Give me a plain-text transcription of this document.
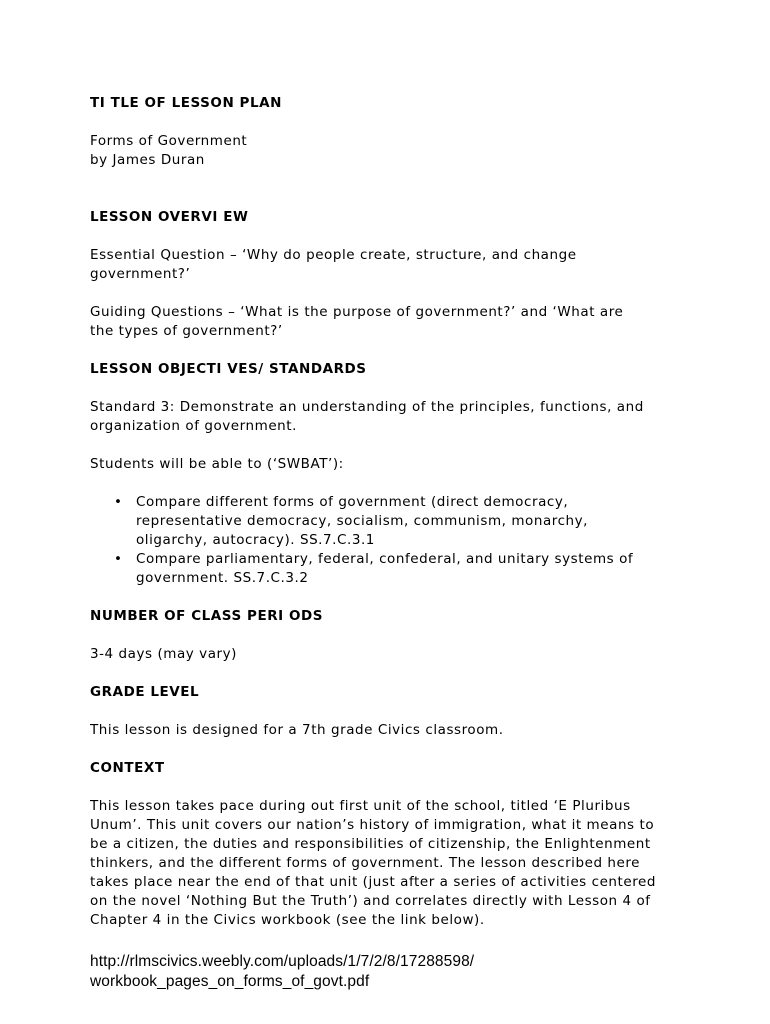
TI TLE OF LESSON PLAN
Forms of Government
by James Duran
LESSON OVERVI EW
Essential Question – ‘Why do people create, structure, and change
government?’
Guiding Questions – ‘What is the purpose of government?’ and ‘What are
the types of government?’
LESSON OBJECTI VES/ STANDARDS
Standard 3: Demonstrate an understanding of the principles, functions, and
organization of government.
Students will be able to (‘SWBAT’):
• Compare different forms of government (direct democracy,
representative democracy, socialism, communism, monarchy,
oligarchy, autocracy). SS.7.C.3.1
• Compare parliamentary, federal, confederal, and unitary systems of
government. SS.7.C.3.2
NUMBER OF CLASS PERI ODS
3-4 days (may vary)
GRADE LEVEL
This lesson is designed for a 7th grade Civics classroom.
CONTEXT
This lesson takes pace during out first unit of the school, titled ‘E Pluribus
Unum’. This unit covers our nation’s history of immigration, what it means to
be a citizen, the duties and responsibilities of citizenship, the Enlightenment
thinkers, and the different forms of government. The lesson described here
takes place near the end of that unit (just after a series of activities centered
on the novel ‘Nothing But the Truth’) and correlates directly with Lesson 4 of
Chapter 4 in the Civics workbook (see the link below).
http://rlmscivics.weebly.com/uploads/1/7/2/8/17288598/
workbook_pages_on_forms_of_govt.pdf
